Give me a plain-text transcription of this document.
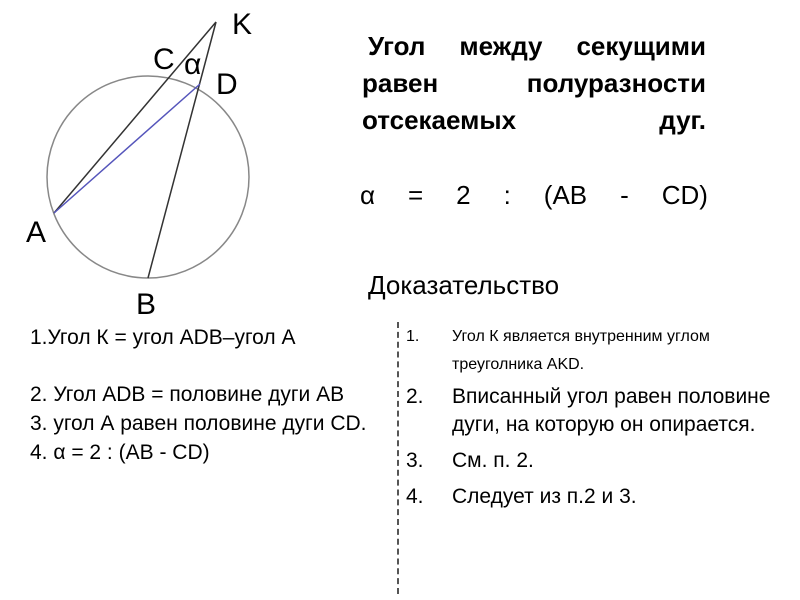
K
C α
D
A
B
Угол между секущими равен полуразности отсекаемых дуг.
α = 2 : (AB - CD)
Доказательство
1.Угол К = угол ADB–угол А
2. Угол ADB = половине дуги AB
3. угол А равен половине дуги CD.
4. α = 2 : (AB - CD)
1.	Угол К является внутренним углом треуголника AKD.
2.	Вписанный угол равен половине дуги, на которую он опирается.
3.	См. п. 2.
4.	Следует из п.2 и 3.
